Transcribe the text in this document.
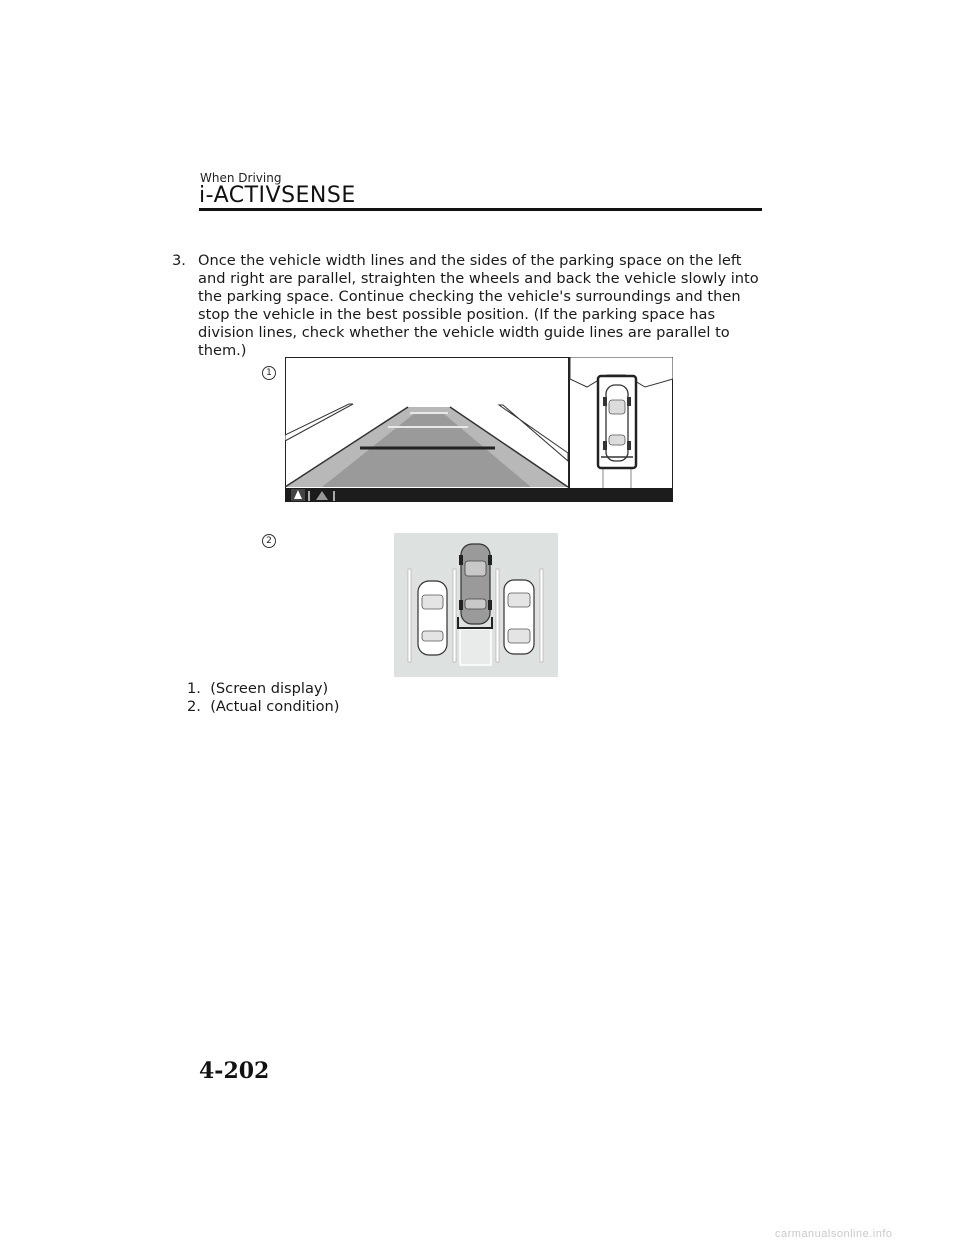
When Driving
i-ACTIVSENSE
3. Once the vehicle width lines and the sides of the parking space on the left and right are parallel, straighten the wheels and back the vehicle slowly into the parking space. Continue checking the vehicle's surroundings and then stop the vehicle in the best possible position. (If the parking space has division lines, check whether the vehicle width guide lines are parallel to them.)
1
2
1. (Screen display)
2. (Actual condition)
4-202
carmanualsonline.info
